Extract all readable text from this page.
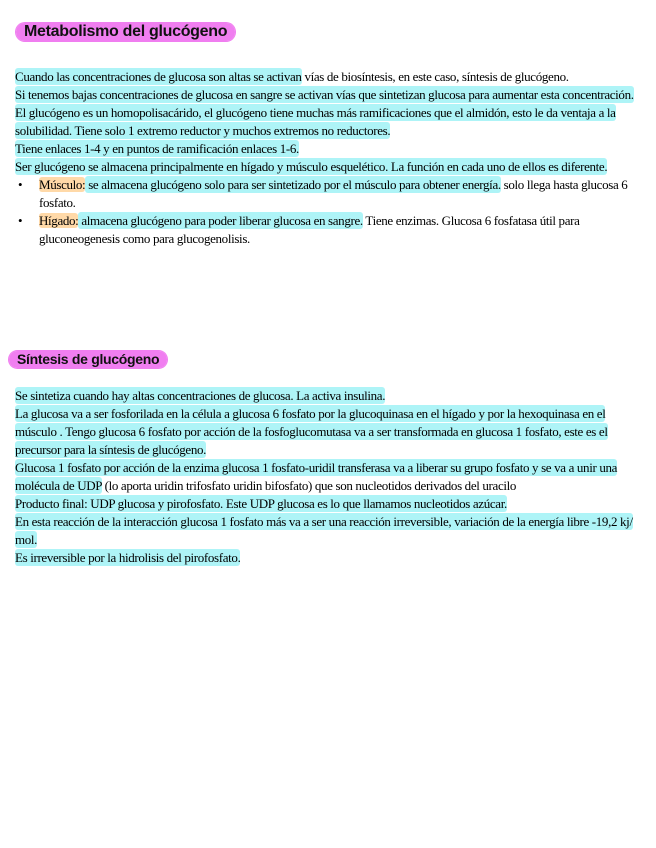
Metabolismo del glucógeno

Cuando las concentraciones de glucosa son altas se activan vías de biosíntesis, en este caso, síntesis de glucógeno.

Si tenemos bajas concentraciones de glucosa en sangre se activan vías que sintetizan glucosa para aumentar esta concentración.

El glucógeno es un homopolisacárido, el glucógeno tiene muchas más ramificaciones que el almidón, esto le da ventaja a la solubilidad. Tiene solo 1 extremo reductor y muchos extremos no reductores.

Tiene enlaces 1-4 y en puntos de ramificación enlaces 1-6.

Ser glucógeno se almacena principalmente en hígado y músculo esquelético. La función en cada uno de ellos es diferente.

• Músculo: se almacena glucógeno solo para ser sintetizado por el músculo para obtener energía. solo llega hasta glucosa 6 fosfato.
• Hígado: almacena glucógeno para poder liberar glucosa en sangre. Tiene enzimas. Glucosa 6 fosfatasa útil para gluconeogenesis como para glucogenolisis.
Síntesis de glucógeno

Se sintetiza cuando hay altas concentraciones de glucosa. La activa insulina.

La glucosa va a ser fosforilada en la célula a glucosa 6 fosfato por la glucoquinasa en el hígado y por la hexoquinasa en el músculo . Tengo glucosa 6 fosfato por acción de la fosfoglucomutasa va a ser transformada en glucosa 1 fosfato, este es el precursor para la síntesis de glucógeno.

Glucosa 1 fosfato por acción de la enzima glucosa 1 fosfato-uridil transferasa va a liberar su grupo fosfato y se va a unir una molécula de UDP (lo aporta uridin trifosfato uridin bifosfato) que son nucleotidos derivados del uracilo

Producto final: UDP glucosa y pirofosfato. Este UDP glucosa es lo que llamamos nucleotidos azúcar.

En esta reacción de la interacción glucosa 1 fosfato más va a ser una reacción irreversible, variación de la energía libre -19,2 kj/ mol.

Es irreversible por la hidrolisis del pirofosfato.
